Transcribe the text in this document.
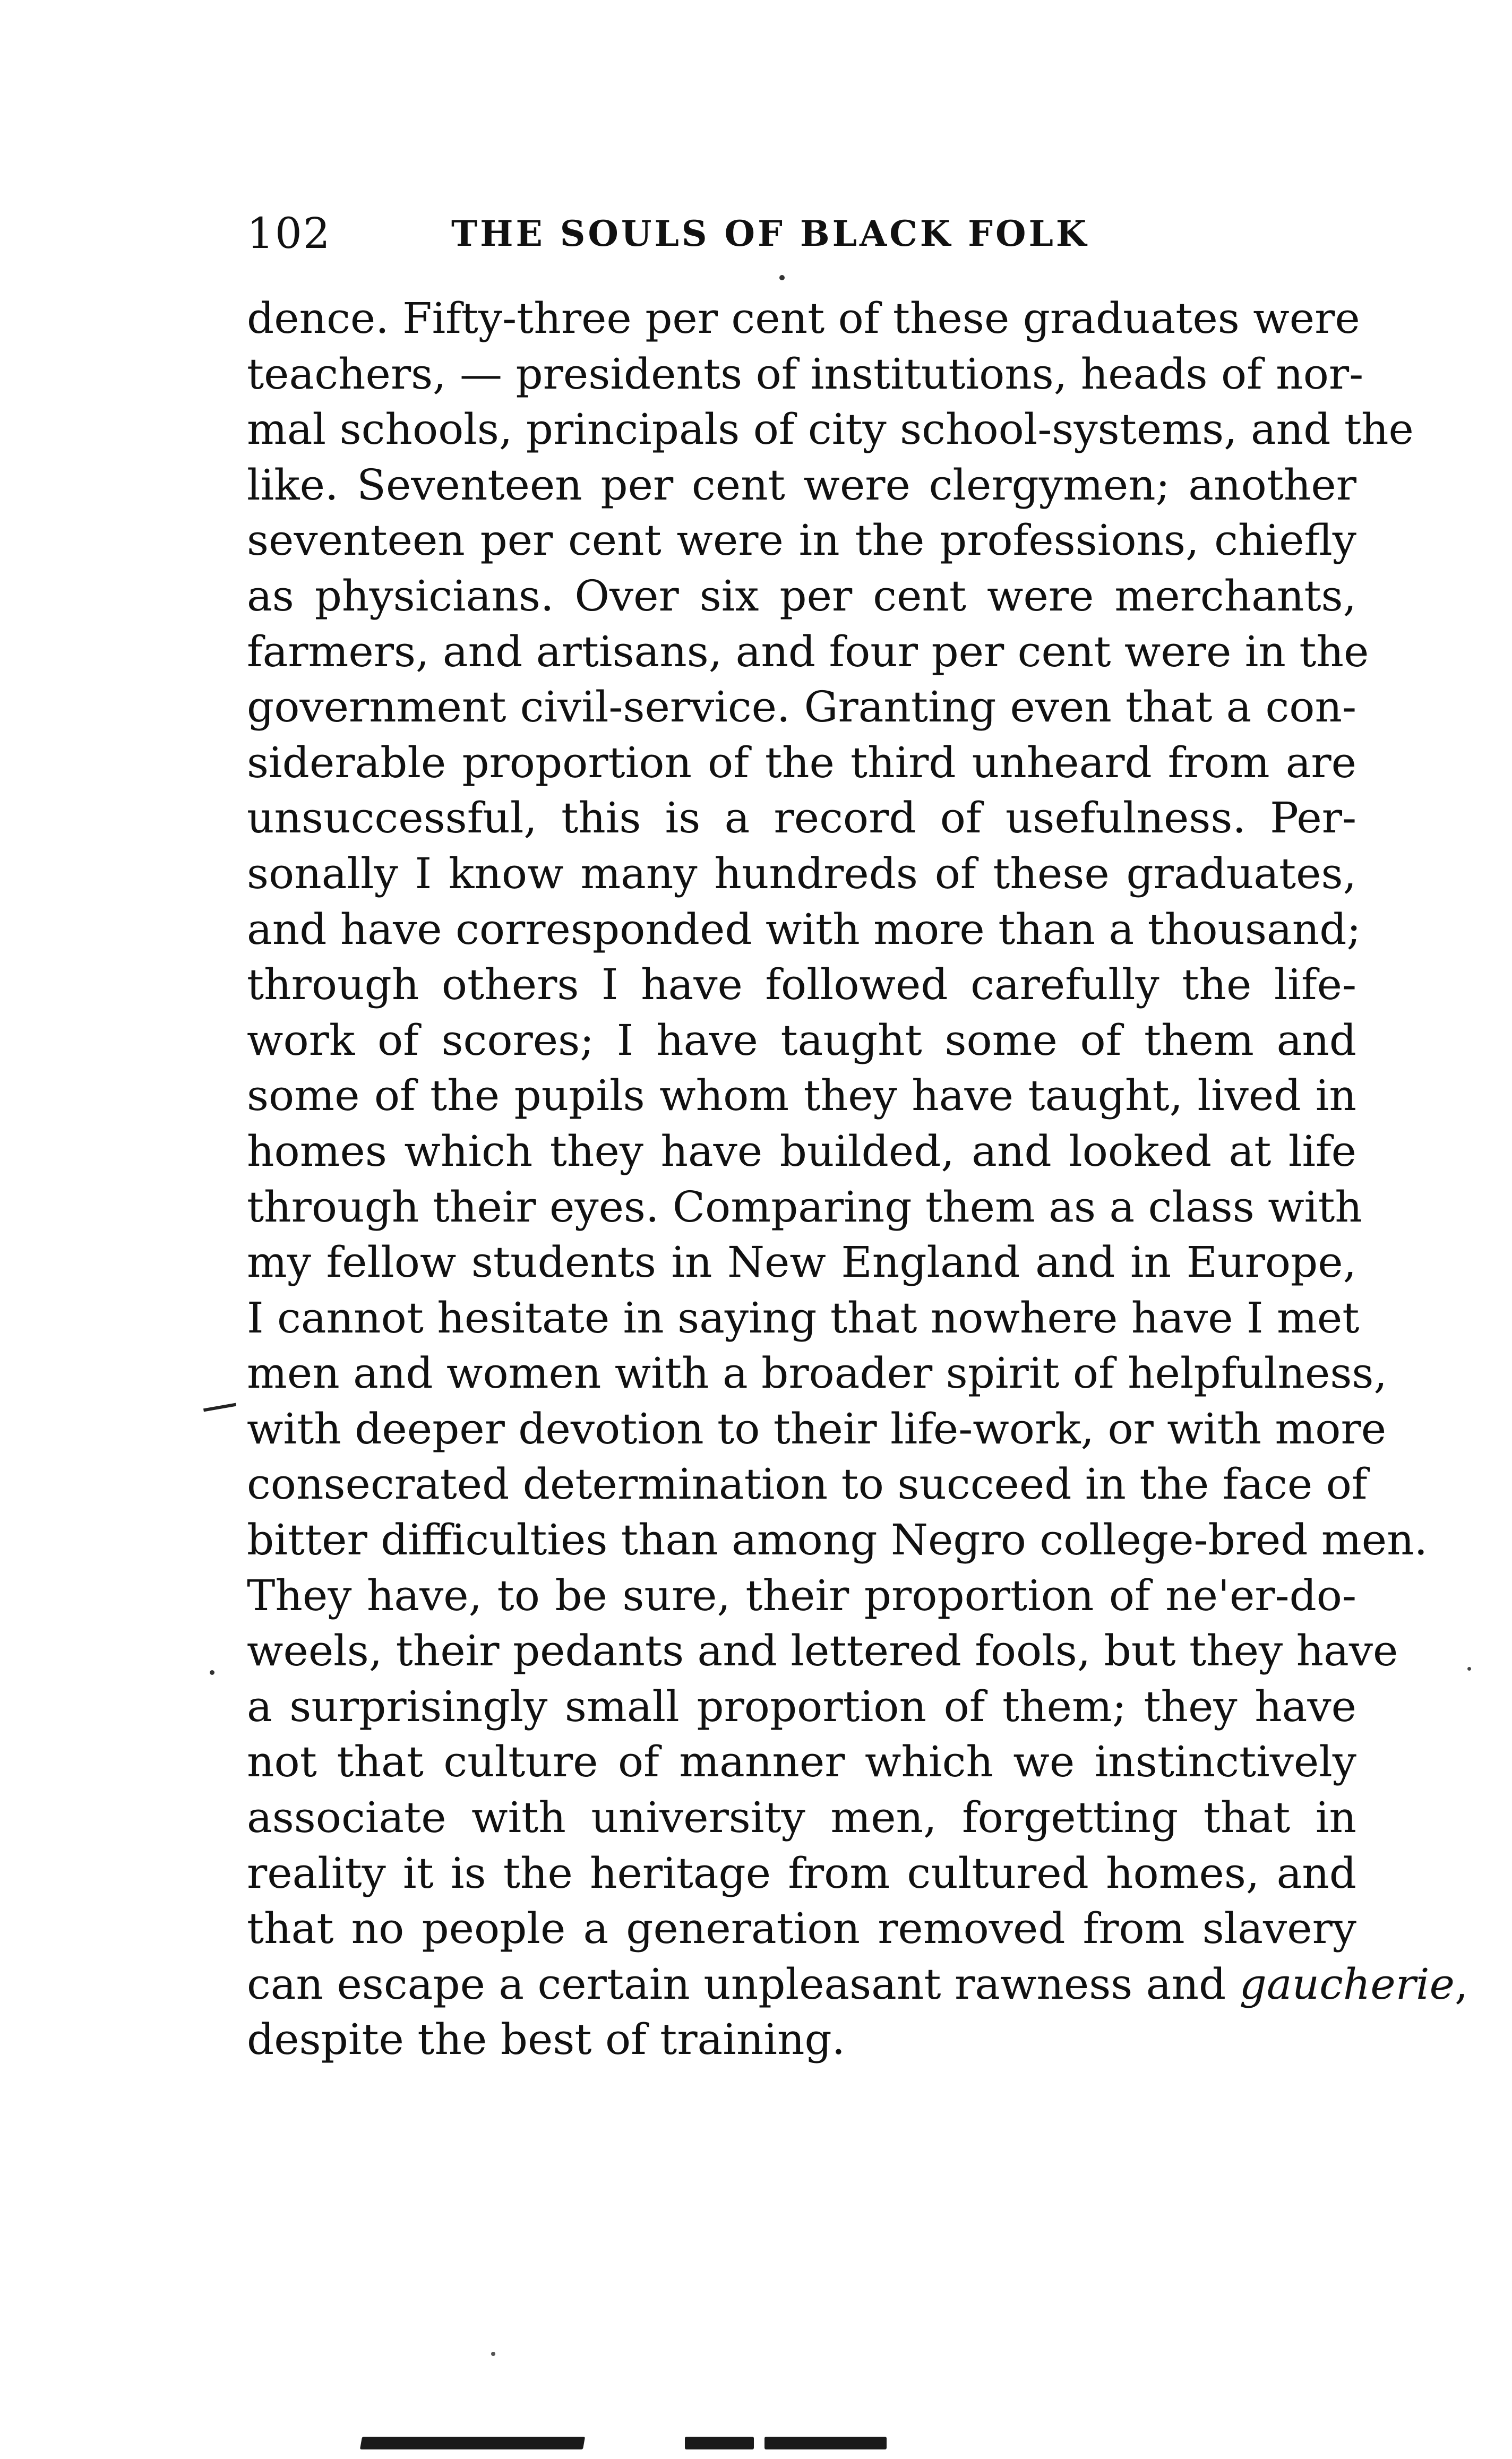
102	THE SOULS OF BLACK FOLK
dence. Fifty-three per cent of these graduates were
teachers, — presidents of institutions, heads of nor-
mal schools, principals of city school-systems, and the
like. Seventeen per cent were clergymen; another
seventeen per cent were in the professions, chiefly
as physicians. Over six per cent were merchants,
farmers, and artisans, and four per cent were in the
government civil-service. Granting even that a con-
siderable proportion of the third unheard from are
unsuccessful, this is a record of usefulness. Per-
sonally I know many hundreds of these graduates,
and have corresponded with more than a thousand;
through others I have followed carefully the life-
work of scores; I have taught some of them and
some of the pupils whom they have taught, lived in
homes which they have builded, and looked at life
through their eyes. Comparing them as a class with
my fellow students in New England and in Europe,
I cannot hesitate in saying that nowhere have I met
men and women with a broader spirit of helpfulness,
with deeper devotion to their life-work, or with more
consecrated determination to succeed in the face of
bitter difficulties than among Negro college-bred men.
They have, to be sure, their proportion of ne'er-do-
weels, their pedants and lettered fools, but they have
a surprisingly small proportion of them; they have
not that culture of manner which we instinctively
associate with university men, forgetting that in
reality it is the heritage from cultured homes, and
that no people a generation removed from slavery
can escape a certain unpleasant rawness and gaucherie,
despite the best of training.
